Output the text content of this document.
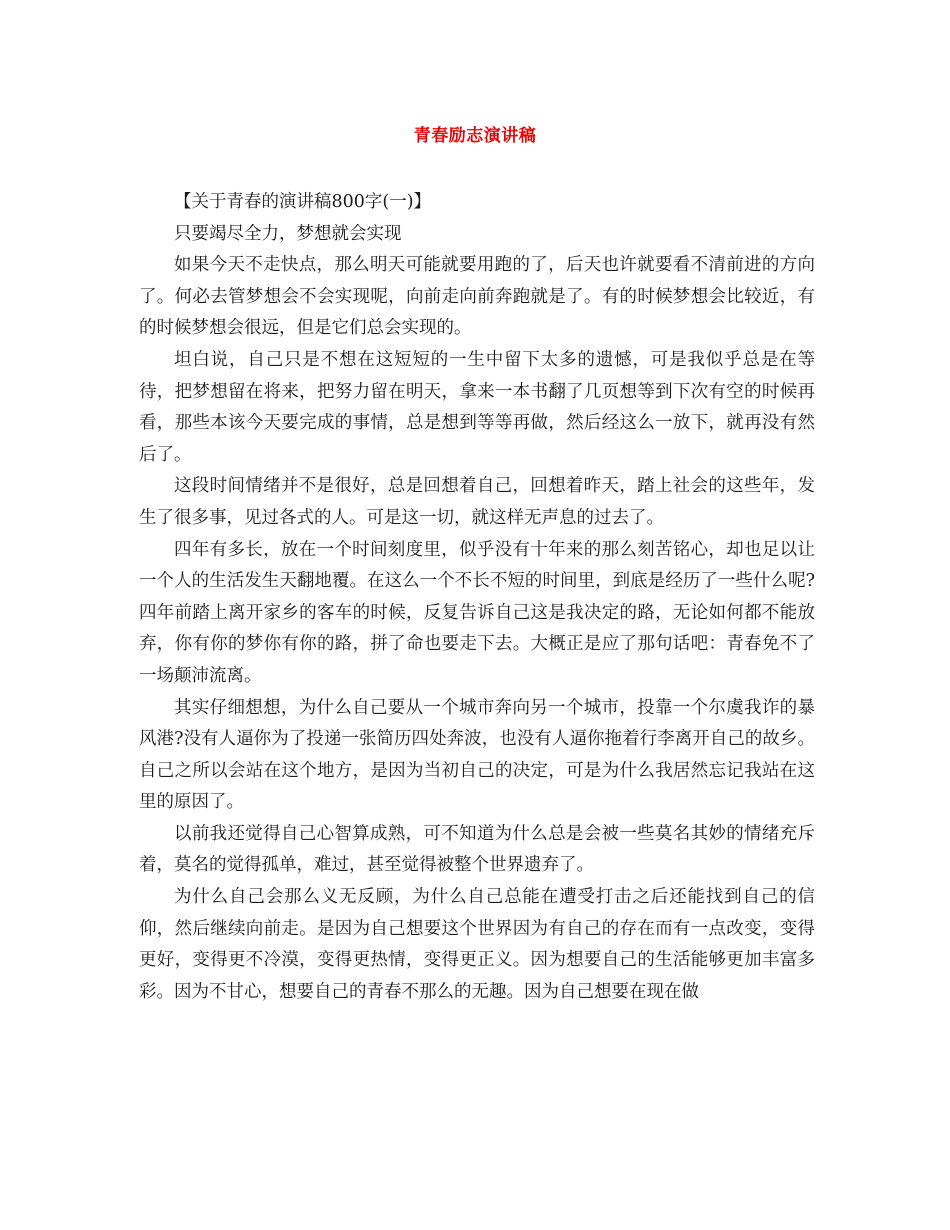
青春励志演讲稿

【关于青春的演讲稿800字(一)】

只要竭尽全力，梦想就会实现

如果今天不走快点，那么明天可能就要用跑的了，后天也许就要看不清前进的方向了。何必去管梦想会不会实现呢，向前走向前奔跑就是了。有的时候梦想会比较近，有的时候梦想会很远，但是它们总会实现的。

坦白说，自己只是不想在这短短的一生中留下太多的遗憾，可是我似乎总是在等待，把梦想留在将来，把努力留在明天，拿来一本书翻了几页想等到下次有空的时候再看，那些本该今天要完成的事情，总是想到等等再做，然后经这么一放下，就再没有然后了。

这段时间情绪并不是很好，总是回想着自己，回想着昨天，踏上社会的这些年，发生了很多事，见过各式的人。可是这一切，就这样无声息的过去了。

四年有多长，放在一个时间刻度里，似乎没有十年来的那么刻苦铭心，却也足以让一个人的生活发生天翻地覆。在这么一个不长不短的时间里，到底是经历了一些什么呢?四年前踏上离开家乡的客车的时候，反复告诉自己这是我决定的路，无论如何都不能放弃，你有你的梦你有你的路，拼了命也要走下去。大概正是应了那句话吧：青春免不了一场颠沛流离。

其实仔细想想，为什么自己要从一个城市奔向另一个城市，投靠一个尔虞我诈的暴风港?没有人逼你为了投递一张简历四处奔波，也没有人逼你拖着行李离开自己的故乡。自己之所以会站在这个地方，是因为当初自己的决定，可是为什么我居然忘记我站在这里的原因了。

以前我还觉得自己心智算成熟，可不知道为什么总是会被一些莫名其妙的情绪充斥着，莫名的觉得孤单，难过，甚至觉得被整个世界遗弃了。

为什么自己会那么义无反顾，为什么自己总能在遭受打击之后还能找到自己的信仰，然后继续向前走。是因为自己想要这个世界因为有自己的存在而有一点改变，变得更好，变得更不冷漠，变得更热情，变得更正义。因为想要自己的生活能够更加丰富多彩。因为不甘心，想要自己的青春不那么的无趣。因为自己想要在现在做
